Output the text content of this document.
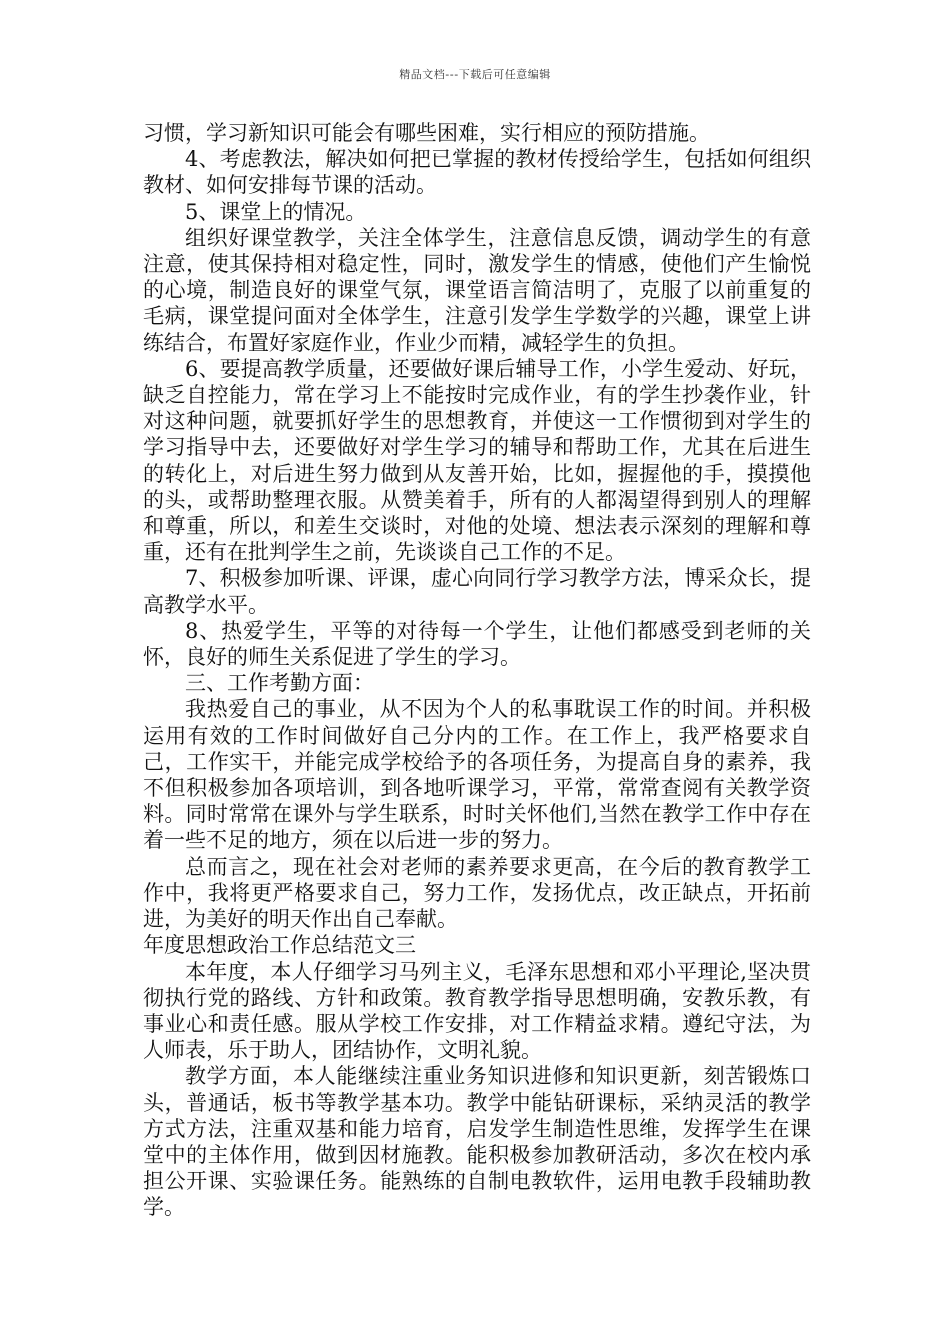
精品文档---下载后可任意编辑

习惯，学习新知识可能会有哪些困难，实行相应的预防措施。

4、考虑教法，解决如何把已掌握的教材传授给学生，包括如何组织教材、如何安排每节课的活动。

5、课堂上的情况。

组织好课堂教学，关注全体学生，注意信息反馈，调动学生的有意注意，使其保持相对稳定性，同时，激发学生的情感，使他们产生愉悦的心境，制造良好的课堂气氛，课堂语言简洁明了，克服了以前重复的毛病，课堂提问面对全体学生，注意引发学生学数学的兴趣，课堂上讲练结合，布置好家庭作业，作业少而精，减轻学生的负担。

6、要提高教学质量，还要做好课后辅导工作，小学生爱动、好玩，缺乏自控能力，常在学习上不能按时完成作业，有的学生抄袭作业，针对这种问题，就要抓好学生的思想教育，并使这一工作惯彻到对学生的学习指导中去，还要做好对学生学习的辅导和帮助工作，尤其在后进生的转化上，对后进生努力做到从友善开始，比如，握握他的手，摸摸他的头，或帮助整理衣服。从赞美着手，所有的人都渴望得到别人的理解和尊重，所以，和差生交谈时，对他的处境、想法表示深刻的理解和尊重，还有在批判学生之前，先谈谈自己工作的不足。

7、积极参加听课、评课，虚心向同行学习教学方法，博采众长，提高教学水平。

8、热爱学生，平等的对待每一个学生，让他们都感受到老师的关怀，良好的师生关系促进了学生的学习。

三、工作考勤方面：

我热爱自己的事业，从不因为个人的私事耽误工作的时间。并积极运用有效的工作时间做好自己分内的工作。在工作上，我严格要求自己，工作实干，并能完成学校给予的各项任务，为提高自身的素养，我不但积极参加各项培训，到各地听课学习，平常，常常查阅有关教学资料。同时常常在课外与学生联系，时时关怀他们,当然在教学工作中存在着一些不足的地方，须在以后进一步的努力。

总而言之，现在社会对老师的素养要求更高，在今后的教育教学工作中，我将更严格要求自己，努力工作，发扬优点，改正缺点，开拓前进，为美好的明天作出自己奉献。

年度思想政治工作总结范文三

本年度，本人仔细学习马列主义，毛泽东思想和邓小平理论,坚决贯彻执行党的路线、方针和政策。教育教学指导思想明确，安教乐教，有事业心和责任感。服从学校工作安排，对工作精益求精。遵纪守法，为人师表，乐于助人，团结协作，文明礼貌。

教学方面，本人能继续注重业务知识进修和知识更新，刻苦锻炼口头，普通话，板书等教学基本功。教学中能钻研课标，采纳灵活的教学方式方法，注重双基和能力培育，启发学生制造性思维，发挥学生在课堂中的主体作用，做到因材施教。能积极参加教研活动，多次在校内承担公开课、实验课任务。能熟练的自制电教软件，运用电教手段辅助教学。
